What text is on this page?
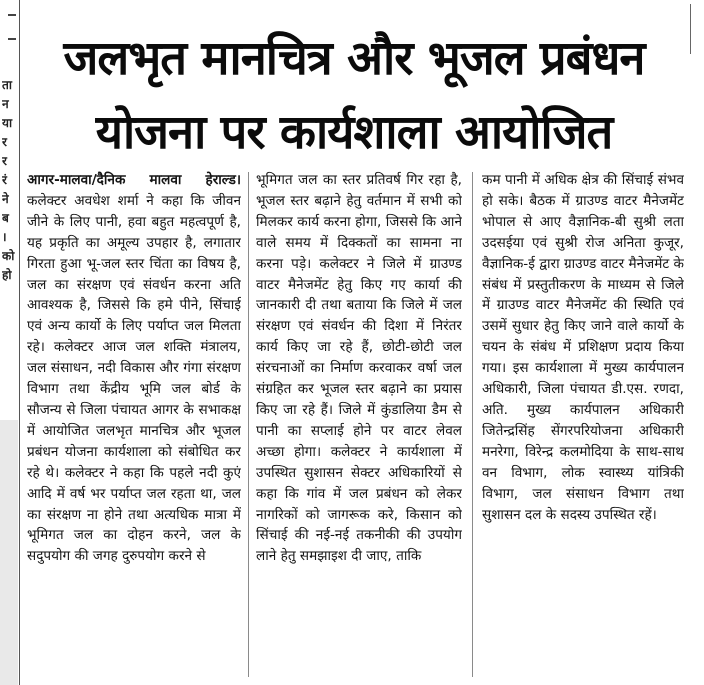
ता
न
या
र
र
रं
ने
ब
।
को
हो
जलभृत मानचित्र और भूजल प्रबंधन
योजना पर कार्यशाला आयोजित

आगर-मालवा/दैनिक मालवा हेराल्ड। कलेक्टर अवधेश शर्मा ने कहा कि जीवन जीने के लिए पानी, हवा बहुत महत्वपूर्ण है, यह प्रकृति का अमूल्य उपहार है, लगातार गिरता हुआ भू-जल स्तर चिंता का विषय है, जल का संरक्षण एवं संवर्धन करना अति आवश्यक है, जिससे कि हमे पीने, सिंचाई एवं अन्य कार्यो के लिए पर्याप्त जल मिलता रहे। कलेक्टर आज जल शक्ति मंत्रालय, जल संसाधन, नदी विकास और गंगा संरक्षण विभाग तथा केंद्रीय भूमि जल बोर्ड के सौजन्य से जिला पंचायत आगर के सभाकक्ष में आयोजित जलभृत मानचित्र और भूजल प्रबंधन योजना कार्यशाला को संबोधित कर रहे थे। कलेक्टर ने कहा कि पहले नदी कुएं आदि में वर्ष भर पर्याप्त जल रहता था, जल का संरक्षण ना होने तथा अत्यधिक मात्रा में भूमिगत जल का दोहन करने, जल के सदुपयोग की जगह दुरुपयोग करने से

भूमिगत जल का स्तर प्रतिवर्ष गिर रहा है, भूजल स्तर बढ़ाने हेतु वर्तमान में सभी को मिलकर कार्य करना होगा, जिससे कि आने वाले समय में दिक्कतों का सामना ना करना पड़े। कलेक्टर ने जिले में ग्राउण्ड वाटर मैनेजमेंट हेतु किए गए कार्या की जानकारी दी तथा बताया कि जिले में जल संरक्षण एवं संवर्धन की दिशा में निरंतर कार्य किए जा रहे हैं, छोटी-छोटी जल संरचनाओं का निर्माण करवाकर वर्षा जल संग्रहित कर भूजल स्तर बढ़ाने का प्रयास किए जा रहे हैं। जिले में कुंडालिया डैम से पानी का सप्लाई होने पर वाटर लेवल अच्छा होगा। कलेक्टर ने कार्यशाला में उपस्थित सुशासन सेक्टर अधिकारियों से कहा कि गांव में जल प्रबंधन को लेकर नागरिकों को जागरूक करे, किसान को सिंचाई की नई-नई तकनीकी की उपयोग लाने हेतु समझाइश दी जाए, ताकि

कम पानी में अधिक क्षेत्र की सिंचाई संभव हो सके। बैठक में ग्राउण्ड वाटर मैनेजमेंट भोपाल से आए वैज्ञानिक-बी सुश्री लता उदसईया एवं सुश्री रोज अनिता कुजूर, वैज्ञानिक-ई द्वारा ग्राउण्ड वाटर मैनेजमेंट के संबंध में प्रस्तुतीकरण के माध्यम से जिले में ग्राउण्ड वाटर मैनेजमेंट की स्थिति एवं उसमें सुधार हेतु किए जाने वाले कार्यो के चयन के संबंध में प्रशिक्षण प्रदाय किया गया। इस कार्यशाला में मुख्य कार्यपालन अधिकारी, जिला पंचायत डी.एस. रणदा, अति. मुख्य कार्यपालन अधिकारी जितेन्द्रसिंह सेंगरपरियोजना अधिकारी मनरेगा, विरेन्द्र कलमोदिया के साथ-साथ वन विभाग, लोक स्वास्थ्य यांत्रिकी विभाग, जल संसाधन विभाग तथा सुशासन दल के सदस्य उपस्थित रहें।
